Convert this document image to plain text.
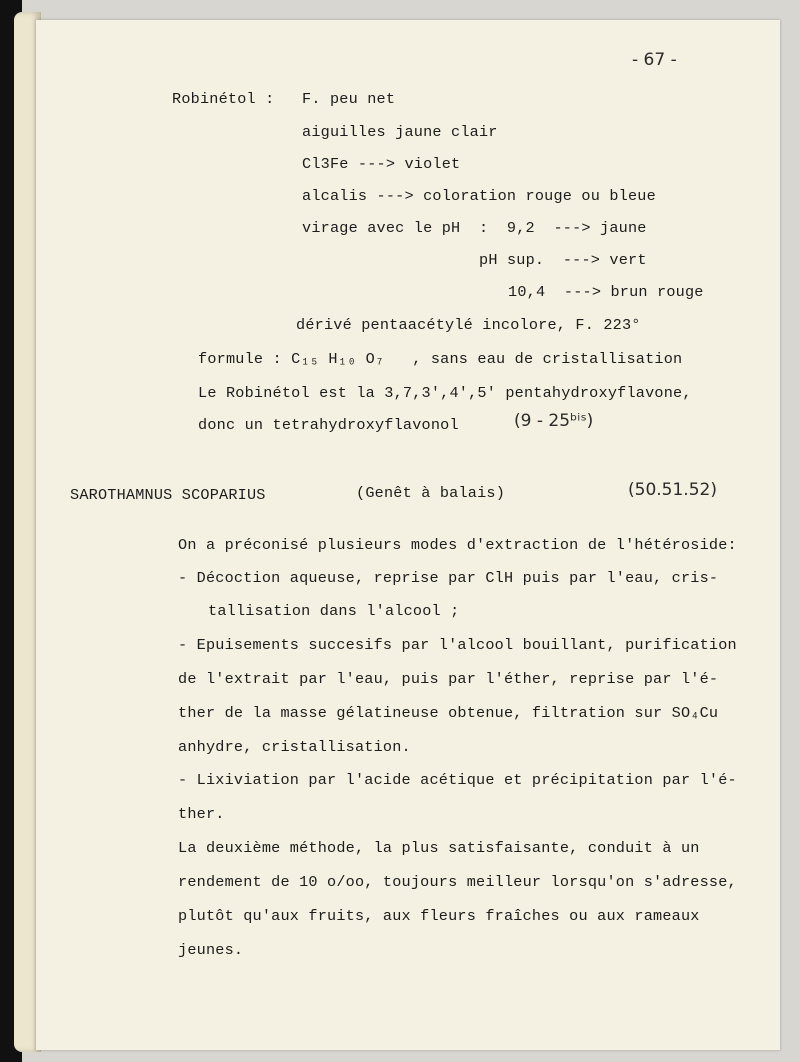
- 67 -
Robinétol : F. peu net
aiguilles jaune clair
Cl3Fe ---> violet
alcalis ---> coloration rouge ou bleue
virage avec le pH  :  9,2  ---> jaune
pH sup.  ---> vert
10,4  ---> brun rouge
dérivé pentaacétylé incolore, F. 223°
formule : C₁₅ H₁₀ O₇   , sans eau de cristallisation
Le Robinétol est la 3,7,3',4',5' pentahydroxyflavone,
donc un tetrahydroxyflavonol	(9 - 25ᵇⁱˢ)
SAROTHAMNUS SCOPARIUS	(Genêt à balais)	(50.51.52)
On a préconisé plusieurs modes d'extraction de l'hétéroside:
- Décoction aqueuse, reprise par ClH puis par l'eau, cris-
tallisation dans l'alcool ;
- Epuisements succesifs par l'alcool bouillant, purification
de l'extrait par l'eau, puis par l'éther, reprise par l'é-
ther de la masse gélatineuse obtenue, filtration sur SO₄Cu
anhydre, cristallisation.
- Lixiviation par l'acide acétique et précipitation par l'é-
ther.
La deuxième méthode, la plus satisfaisante, conduit à un
rendement de 10 o/oo, toujours meilleur lorsqu'on s'adresse,
plutôt qu'aux fruits, aux fleurs fraîches ou aux rameaux
jeunes.
